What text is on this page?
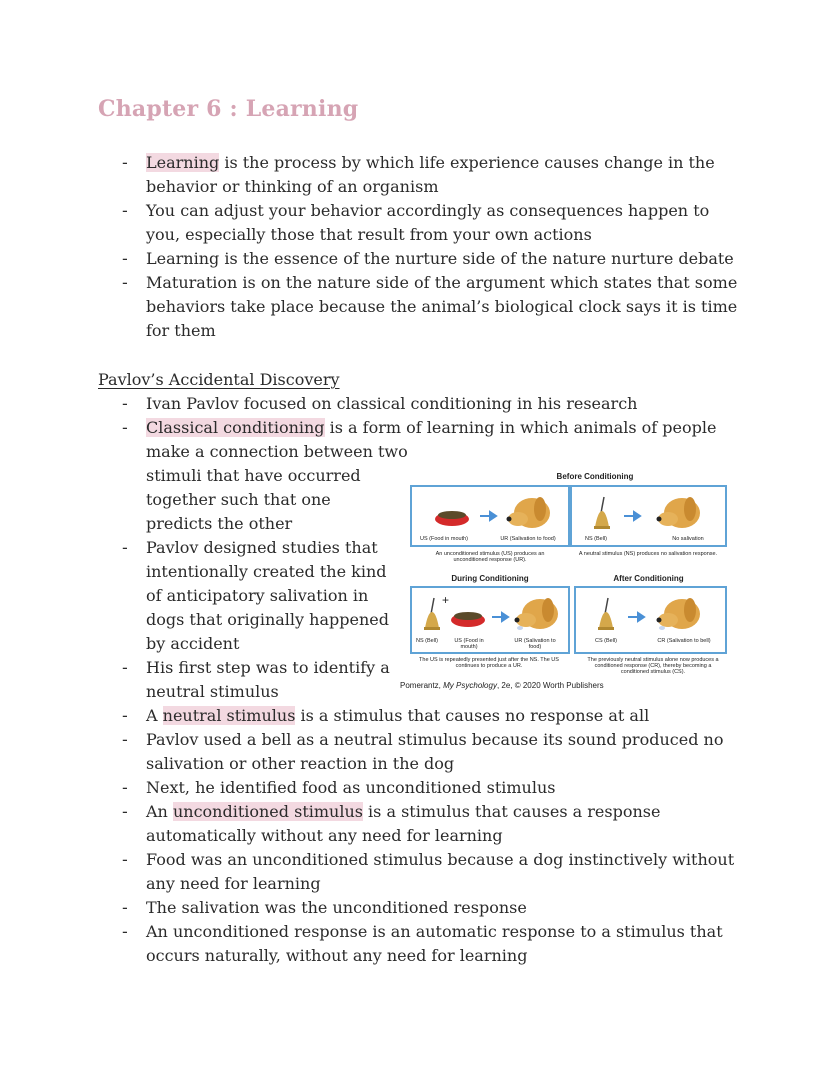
Chapter 6 : Learning
- Learning is the process by which life experience causes change in the behavior or thinking of an organism
- You can adjust your behavior accordingly as consequences happen to you, especially those that result from your own actions
- Learning is the essence of the nurture side of the nature nurture debate
- Maturation is on the nature side of the argument which states that some behaviors take place because the animal’s biological clock says it is time for them
Pavlov’s Accidental Discovery
- Ivan Pavlov focused on classical conditioning in his research
- Classical conditioning is a form of learning in which animals of people make a connection between two
stimuli that have occurred together such that one predicts the other
- Pavlov designed studies that intentionally created the kind of anticipatory salivation in dogs that originally happened by accident
- His first step was to identify a neutral stimulus
- A neutral stimulus is a stimulus that causes no response at all
- Pavlov used a bell as a neutral stimulus because its sound produced no salivation or other reaction in the dog
- Next, he identified food as unconditioned stimulus
- An unconditioned stimulus is a stimulus that causes a response automatically without any need for learning
- Food was an unconditioned stimulus because a dog instinctively without any need for learning
- The salivation was the unconditioned response
- An unconditioned response is an automatic response to a stimulus that occurs naturally, without any need for learning
Before Conditioning
US (Food in mouth)	UR (Salivation to food)
An unconditioned stimulus (US) produces an unconditioned response (UR).
NS (Bell)	No salivation
A neutral stimulus (NS) produces no salivation response.
During Conditioning	After Conditioning
+
NS (Bell)	US (Food in mouth)
UR (Salivation to food)
The US is repeatedly presented just after the NS. The US continues to produce a UR.
CS (Bell)	CR (Salivation to bell)
The previously neutral stimulus alone now produces a conditioned response (CR), thereby becoming a conditioned stimulus (CS).
Pomerantz, My Psychology, 2e, © 2020 Worth Publishers
